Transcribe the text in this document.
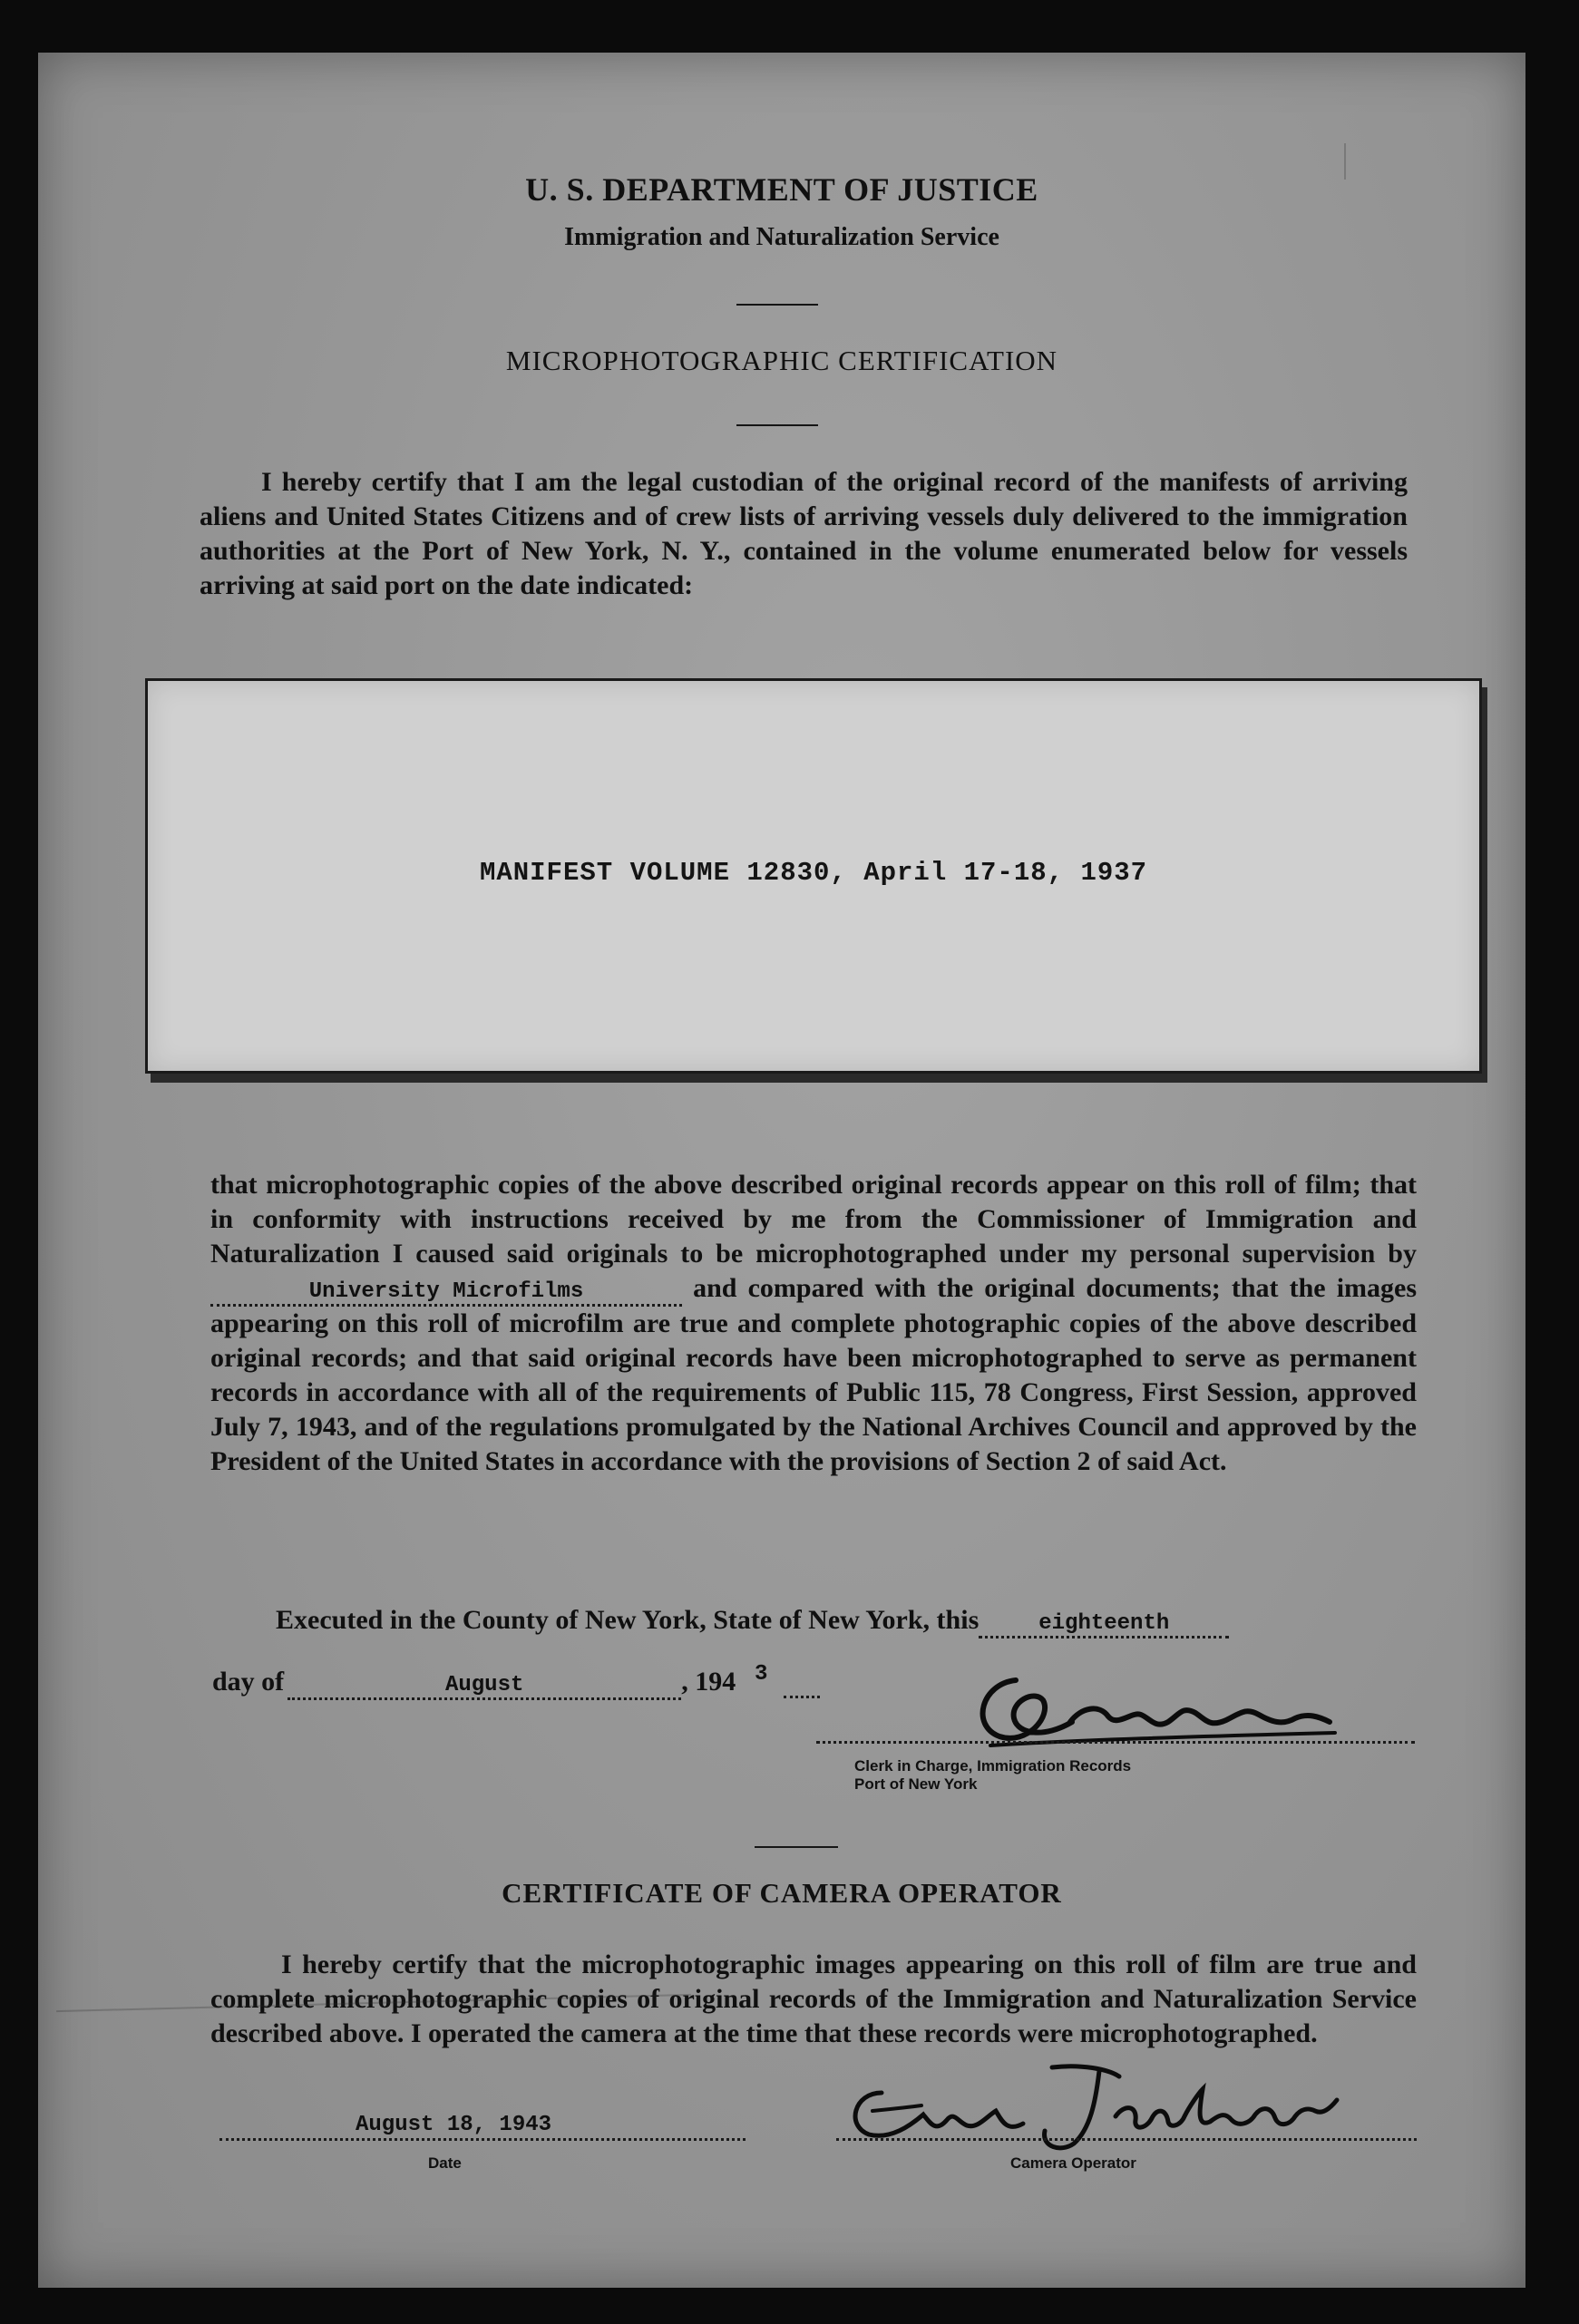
U. S. DEPARTMENT OF JUSTICE
Immigration and Naturalization Service
MICROPHOTOGRAPHIC CERTIFICATION

I hereby certify that I am the legal custodian of the original record of the manifests of arriving aliens and United States Citizens and of crew lists of arriving vessels duly delivered to the immigration authorities at the Port of New York, N. Y., contained in the volume enumerated below for vessels arriving at said port on the date indicated:

MANIFEST VOLUME 12830, April 17-18, 1937

that microphotographic copies of the above described original records appear on this roll of film; that in conformity with instructions received by me from the Commissioner of Immigration and Naturalization I caused said originals to be microphotographed under my personal supervision byUniversity Microfilms	and compared with the original documents; that the images appearing on this roll of microfilm are true and complete photographic copies of the above described original records; and that said original records have been microphotographed to serve as permanent records in accordance with all of the requirements of Public 115, 78 Congress, First Session, approved July 7, 1943, and of the regulations promulgated by the National Archives Council and approved by the President of the United States in accordance with the provisions of Section 2 of said Act.

Executed in the County of New York, State of New York, this	eighteenth
day of	August	, 194 3
Clerk in Charge, Immigration Records
Port of New York
CERTIFICATE OF CAMERA OPERATOR

I hereby certify that the microphotographic images appearing on this roll of film are true and complete microphotographic copies of original records of the Immigration and Naturalization Service described above. I operated the camera at the time that these records were microphotographed.

August 18, 1943
Date	Camera Operator
